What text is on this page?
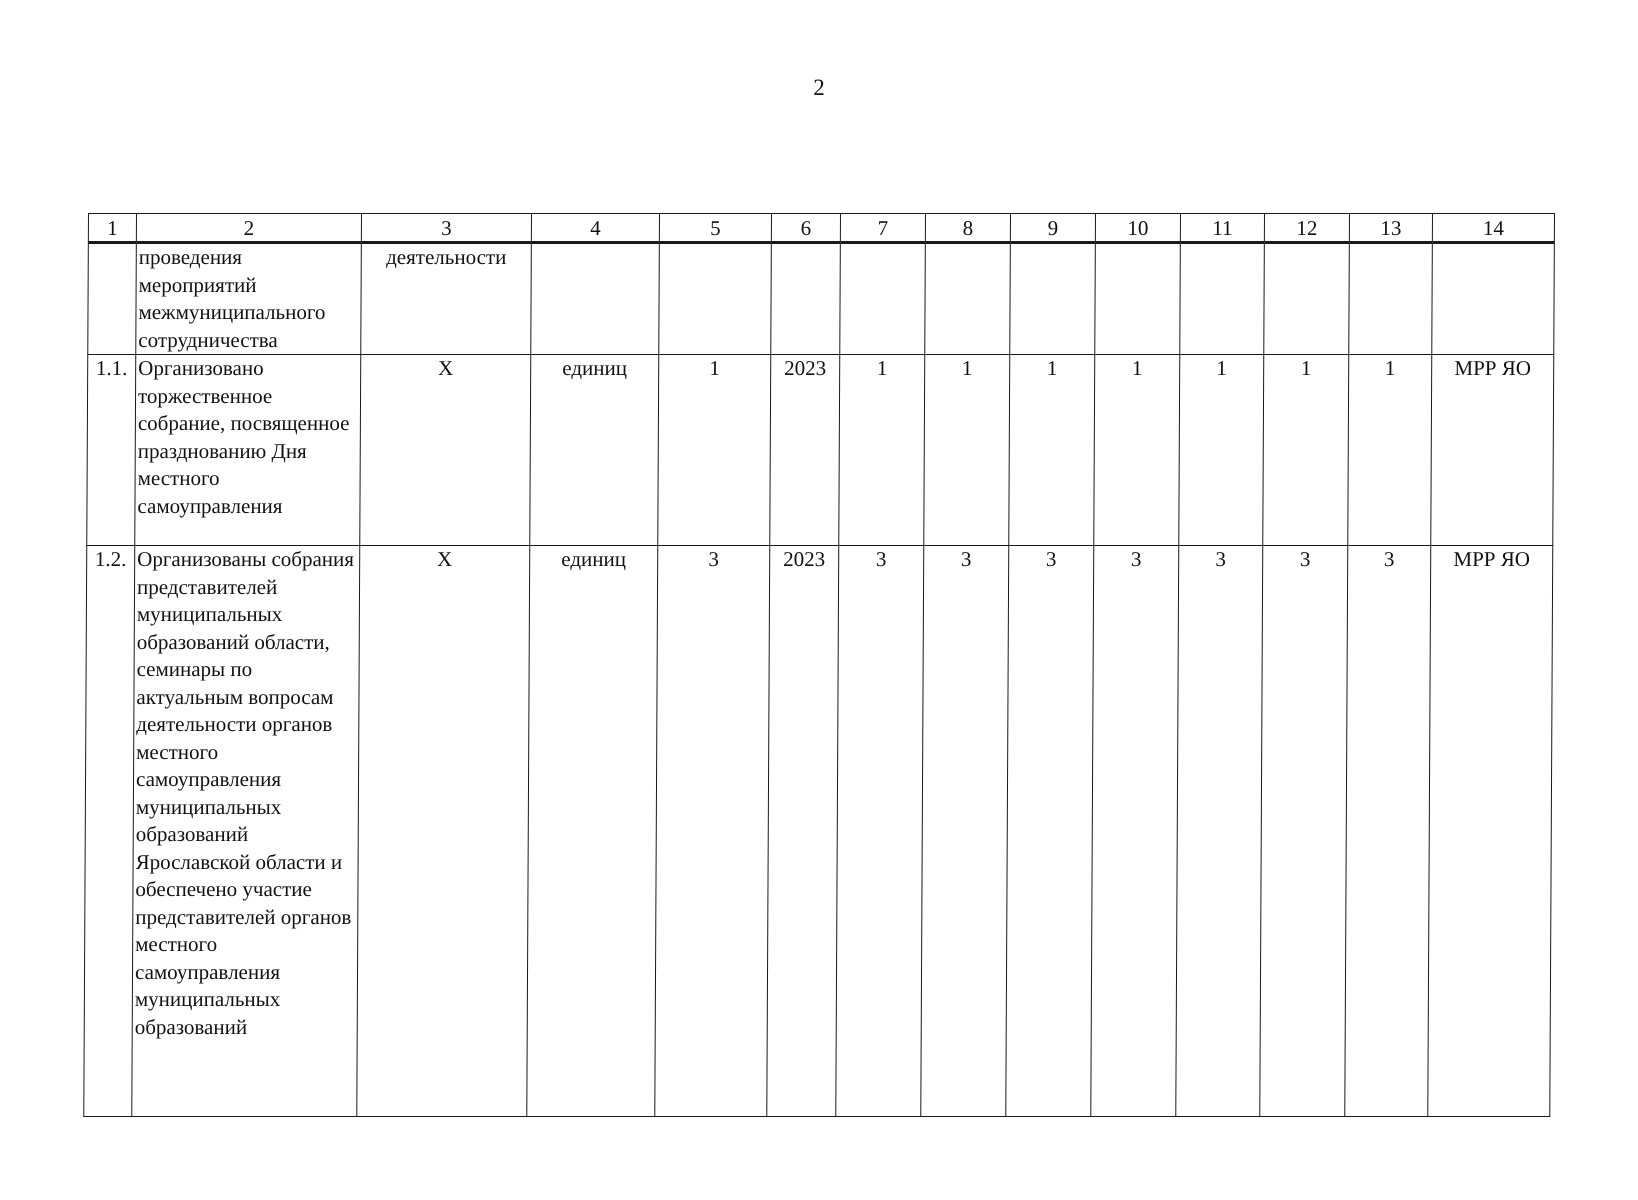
2
1	2	3	4	5	6	7	8	9	10	11	12	13	14
	проведения мероприятий межмуниципального сотрудничества	деятельности											
1.1.	Организовано торжественное собрание, посвященное празднованию Дня местного самоуправления	Х	единиц	1	2023	1	1	1	1	1	1	1	МРР ЯО
1.2.	Организованы собрания представителей муниципальных образований области, семинары по актуальным вопросам деятельности органов местного самоуправления муниципальных образований Ярославской области и обеспечено участие представителей органов местного самоуправления муниципальных образований	Х	единиц	3	2023	3	3	3	3	3	3	3	МРР ЯО
